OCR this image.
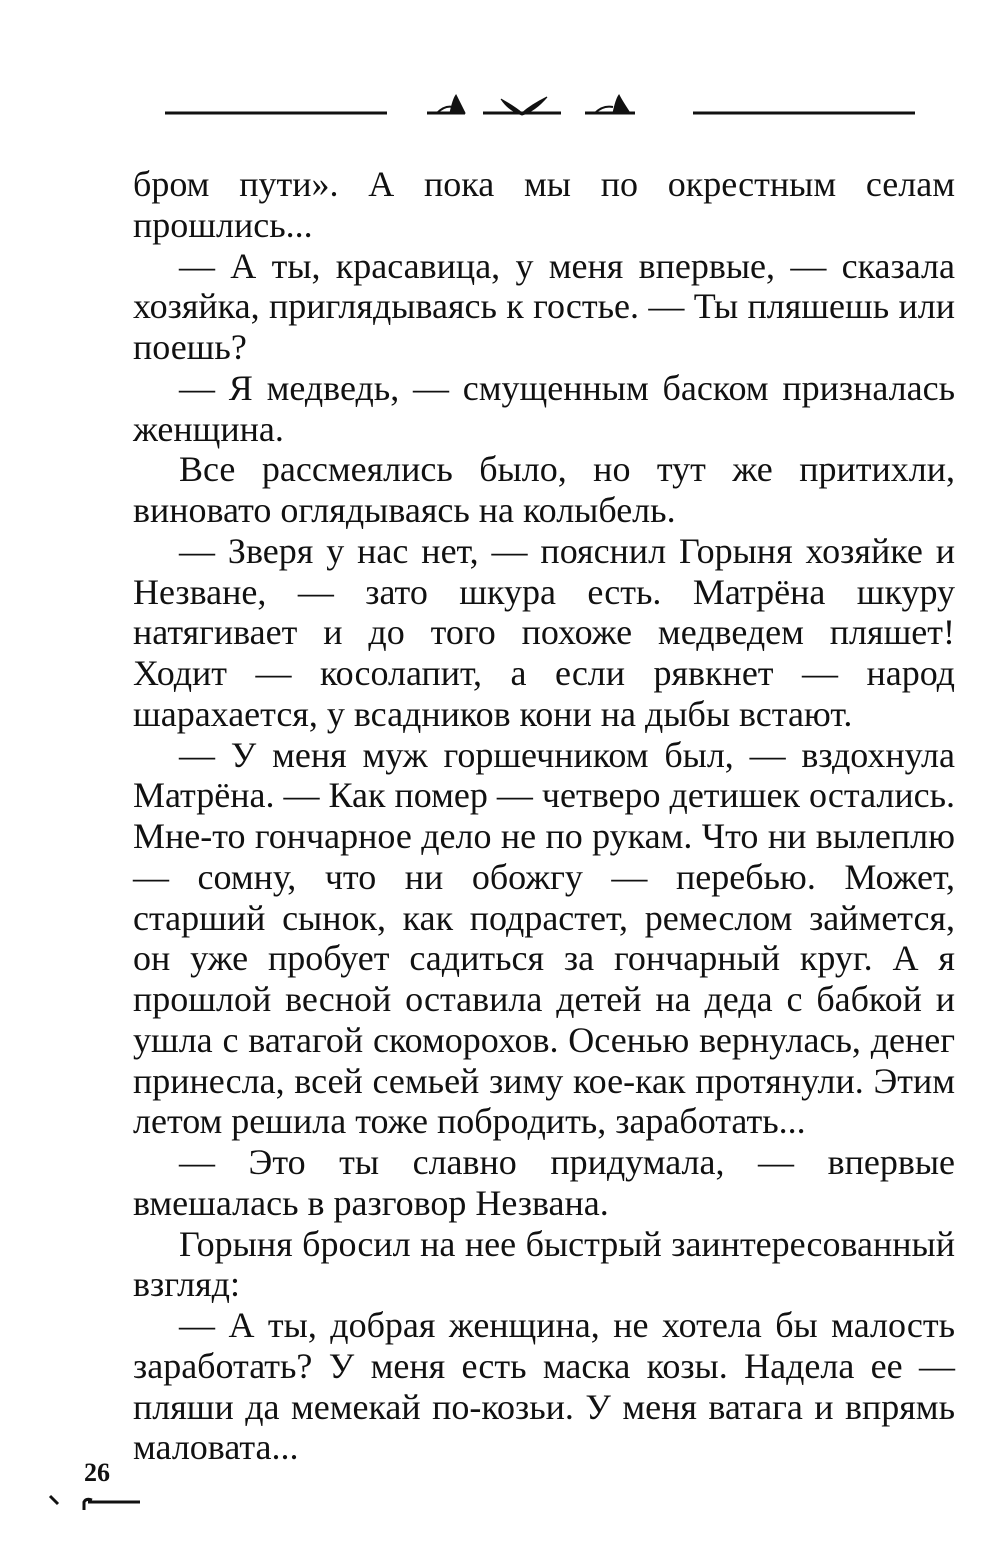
бром пути». А пока мы по окрестным селам прошлись...

— А ты, красавица, у меня впервые, — сказала хозяйка, приглядываясь к гостье. — Ты пляшешь или поешь?

— Я медведь, — смущенным баском призналась женщина.

Все рассмеялись было, но тут же притихли, виновато оглядываясь на колыбель.

— Зверя у нас нет, — пояснил Горыня хозяйке и Незване, — зато шкура есть. Матрёна шкуру натягивает и до того похоже медведем пляшет! Ходит — косолапит, а если рявкнет — народ шарахается, у всадников кони на дыбы встают.

— У меня муж горшечником был, — вздохнула Матрёна. — Как помер — четверо детишек остались. Мне-то гончарное дело не по рукам. Что ни вылеплю — сомну, что ни обожгу — перебью. Может, старший сынок, как подрастет, ремеслом займется, он уже пробует садиться за гончарный круг. А я прошлой весной оставила детей на деда с бабкой и ушла с ватагой скоморохов. Осенью вернулась, денег принесла, всей семьей зиму кое-как протянули. Этим летом решила тоже побродить, заработать...

— Это ты славно придумала, — впервые вмешалась в разговор Незвана.

Горыня бросил на нее быстрый заинтересованный взгляд:

— А ты, добрая женщина, не хотела бы малость заработать? У меня есть маска козы. Надела ее — пляши да мемекай по-козьи. У меня ватага и впрямь маловата...

26
